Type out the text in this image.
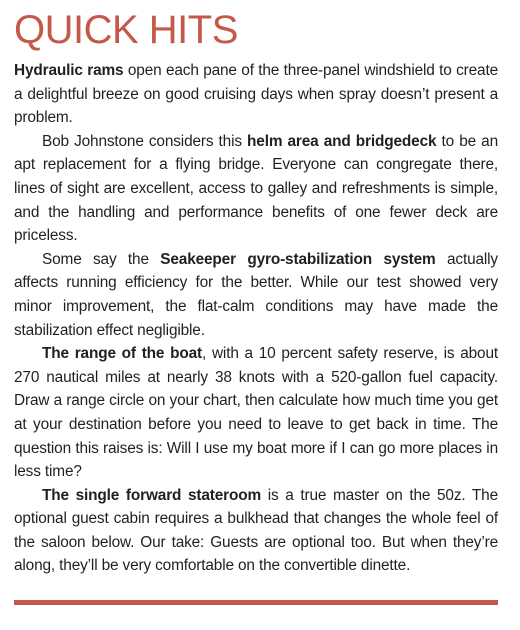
QUICK HITS

Hydraulic rams open each pane of the three-panel windshield to create a delightful breeze on good cruising days when spray doesn’t present a problem.

Bob Johnstone considers this helm area and bridgedeck to be an apt replacement for a flying bridge. Everyone can congregate there, lines of sight are excellent, access to galley and refreshments is simple, and the handling and performance benefits of one fewer deck are priceless.

Some say the Seakeeper gyro-stabilization system actually affects running efficiency for the better. While our test showed very minor improvement, the flat-calm conditions may have made the stabilization effect negligible.

The range of the boat, with a 10 percent safety reserve, is about 270 nautical miles at nearly 38 knots with a 520-gallon fuel capacity. Draw a range circle on your chart, then calculate how much time you get at your destination before you need to leave to get back in time. The question this raises is: Will I use my boat more if I can go more places in less time?

The single forward stateroom is a true master on the 50z. The optional guest cabin requires a bulkhead that changes the whole feel of the saloon below. Our take: Guests are optional too. But when they’re along, they’ll be very comfortable on the convertible dinette.
